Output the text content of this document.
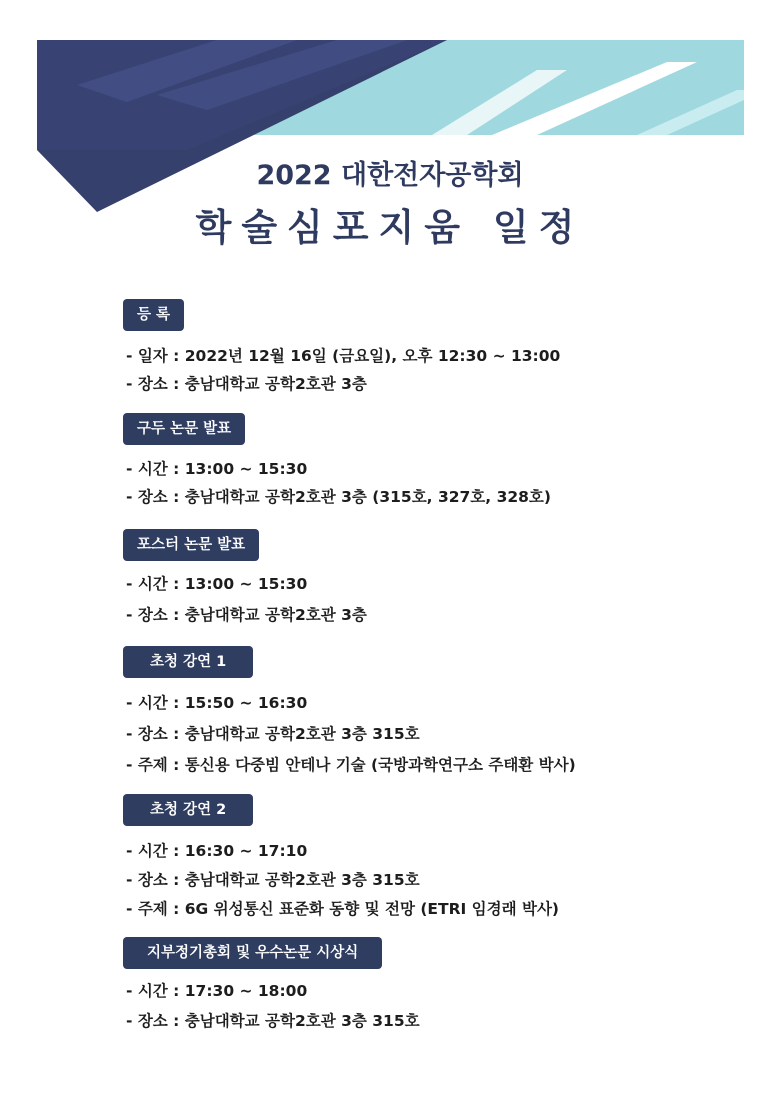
2022 대한전자공학회
학술심포지움 일정
등 록
- 일자 : 2022년 12월 16일 (금요일), 오후 12:30 ~ 13:00
- 장소 : 충남대학교 공학2호관 3층
구두 논문 발표
- 시간 : 13:00 ~ 15:30
- 장소 : 충남대학교 공학2호관 3층 (315호, 327호, 328호)
포스터 논문 발표
- 시간 : 13:00 ~ 15:30
- 장소 : 충남대학교 공학2호관 3층
초청 강연 1
- 시간 : 15:50 ~ 16:30
- 장소 : 충남대학교 공학2호관 3층 315호
- 주제 : 통신용 다중빔 안테나 기술 (국방과학연구소 주태환 박사)
초청 강연 2
- 시간 : 16:30 ~ 17:10
- 장소 : 충남대학교 공학2호관 3층 315호
- 주제 : 6G 위성통신 표준화 동향 및 전망 (ETRI 임경래 박사)
지부정기총회 및 우수논문 시상식
- 시간 : 17:30 ~ 18:00
- 장소 : 충남대학교 공학2호관 3층 315호
